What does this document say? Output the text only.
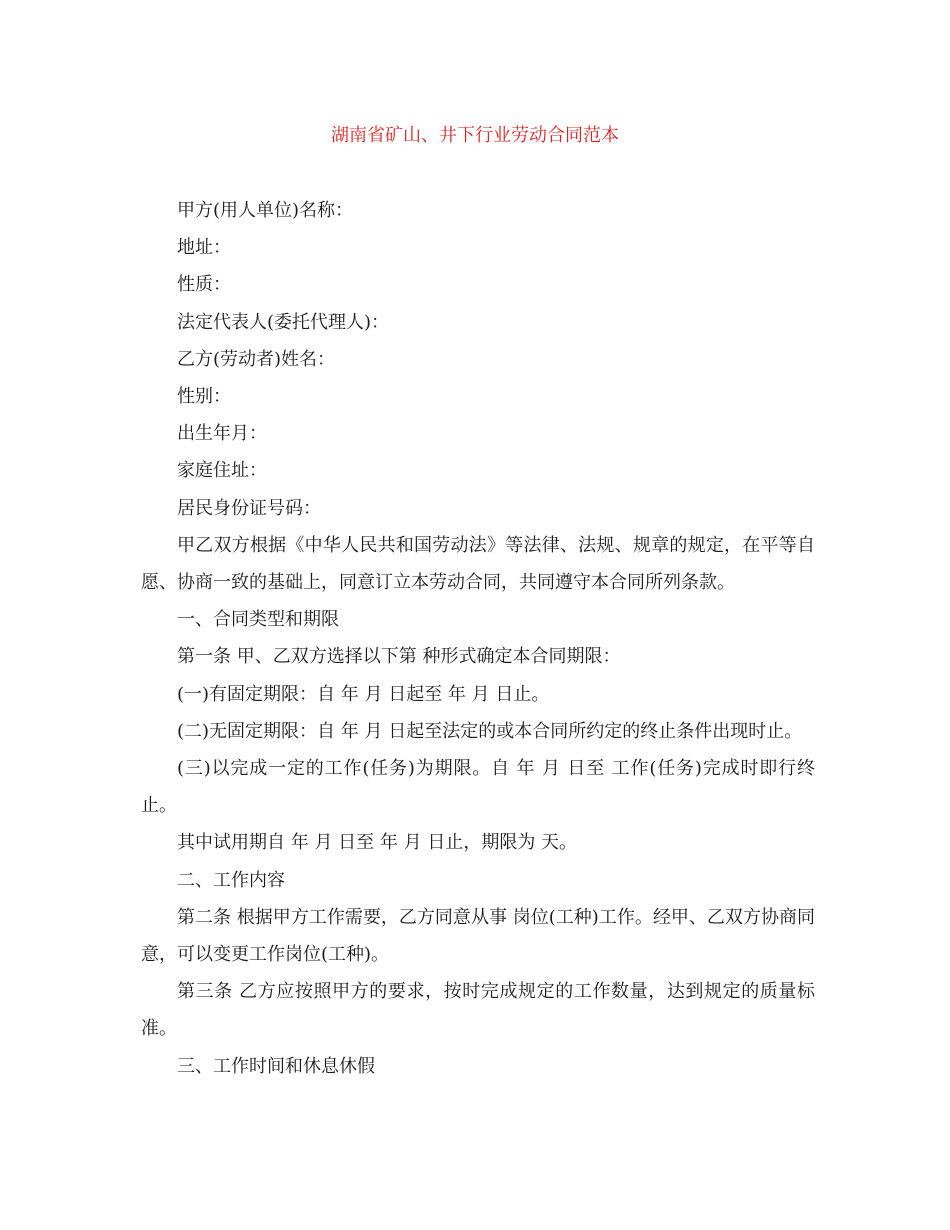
湖南省矿山、井下行业劳动合同范本

甲方(用人单位)名称：

地址：

性质：

法定代表人(委托代理人)：

乙方(劳动者)姓名：

性别：

出生年月：

家庭住址：

居民身份证号码：

甲乙双方根据《中华人民共和国劳动法》等法律、法规、规章的规定，在平等自愿、协商一致的基础上，同意订立本劳动合同，共同遵守本合同所列条款。

一、合同类型和期限

第一条 甲、乙双方选择以下第 种形式确定本合同期限：

(一)有固定期限：自 年 月 日起至 年 月 日止。

(二)无固定期限：自 年 月 日起至法定的或本合同所约定的终止条件出现时止。

(三)以完成一定的工作(任务)为期限。自 年 月 日至 工作(任务)完成时即行终止。

其中试用期自 年 月 日至 年 月 日止，期限为 天。

二、工作内容

第二条 根据甲方工作需要，乙方同意从事 岗位(工种)工作。经甲、乙双方协商同意，可以变更工作岗位(工种)。

第三条 乙方应按照甲方的要求，按时完成规定的工作数量，达到规定的质量标准。

三、工作时间和休息休假
